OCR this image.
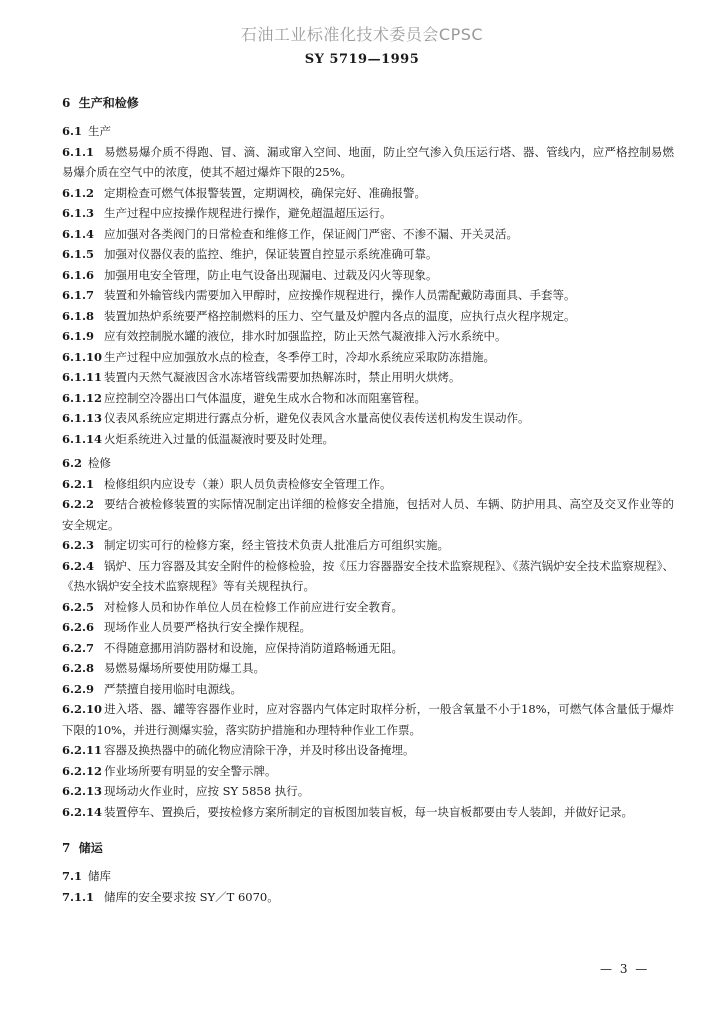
石油工业标准化技术委员会CPSC
SY 5719—1995
6 生产和检修
6.1 生产
6.1.1 易燃易爆介质不得跑、冒、滴、漏或窜入空间、地面，防止空气渗入负压运行塔、器、管线内，应严格控制易燃易爆介质在空气中的浓度，使其不超过爆炸下限的25%。
6.1.2 定期检查可燃气体报警装置，定期调校，确保完好、准确报警。
6.1.3 生产过程中应按操作规程进行操作，避免超温超压运行。
6.1.4 应加强对各类阀门的日常检查和维修工作，保证阀门严密、不渗不漏、开关灵活。
6.1.5 加强对仪器仪表的监控、维护，保证装置自控显示系统准确可靠。
6.1.6 加强用电安全管理，防止电气设备出现漏电、过载及闪火等现象。
6.1.7 装置和外输管线内需要加入甲醇时，应按操作规程进行，操作人员需配戴防毒面具、手套等。
6.1.8 装置加热炉系统要严格控制燃料的压力、空气量及炉膛内各点的温度，应执行点火程序规定。
6.1.9 应有效控制脱水罐的液位，排水时加强监控，防止天然气凝液排入污水系统中。
6.1.10 生产过程中应加强放水点的检查，冬季停工时，冷却水系统应采取防冻措施。
6.1.11 装置内天然气凝液因含水冻堵管线需要加热解冻时，禁止用明火烘烤。
6.1.12 应控制空冷器出口气体温度，避免生成水合物和冰而阻塞管程。
6.1.13 仪表风系统应定期进行露点分析，避免仪表风含水量高使仪表传送机构发生误动作。
6.1.14 火炬系统进入过量的低温凝液时要及时处理。
6.2 检修
6.2.1 检修组织内应设专（兼）职人员负责检修安全管理工作。
6.2.2 要结合被检修装置的实际情况制定出详细的检修安全措施，包括对人员、车辆、防护用具、高空及交叉作业等的安全规定。
6.2.3 制定切实可行的检修方案，经主管技术负责人批准后方可组织实施。
6.2.4 锅炉、压力容器及其安全附件的检修检验，按《压力容器器安全技术监察规程》、《蒸汽锅炉安全技术监察规程》、《热水锅炉安全技术监察规程》等有关规程执行。
6.2.5 对检修人员和协作单位人员在检修工作前应进行安全教育。
6.2.6 现场作业人员要严格执行安全操作规程。
6.2.7 不得随意挪用消防器材和设施，应保持消防道路畅通无阻。
6.2.8 易燃易爆场所要使用防爆工具。
6.2.9 严禁擅自接用临时电源线。
6.2.10 进入塔、器、罐等容器作业时，应对容器内气体定时取样分析，一般含氧量不小于18%，可燃气体含量低于爆炸下限的10%，并进行测爆实验，落实防护措施和办理特种作业工作票。
6.2.11 容器及换热器中的硫化物应清除干净，并及时移出设备掩埋。
6.2.12 作业场所要有明显的安全警示牌。
6.2.13 现场动火作业时，应按 SY 5858 执行。
6.2.14 装置停车、置换后，要按检修方案所制定的盲板图加装盲板，每一块盲板都要由专人装卸，并做好记录。
7 储运
7.1 储库
7.1.1 储库的安全要求按 SY／T 6070。
— 3 —
